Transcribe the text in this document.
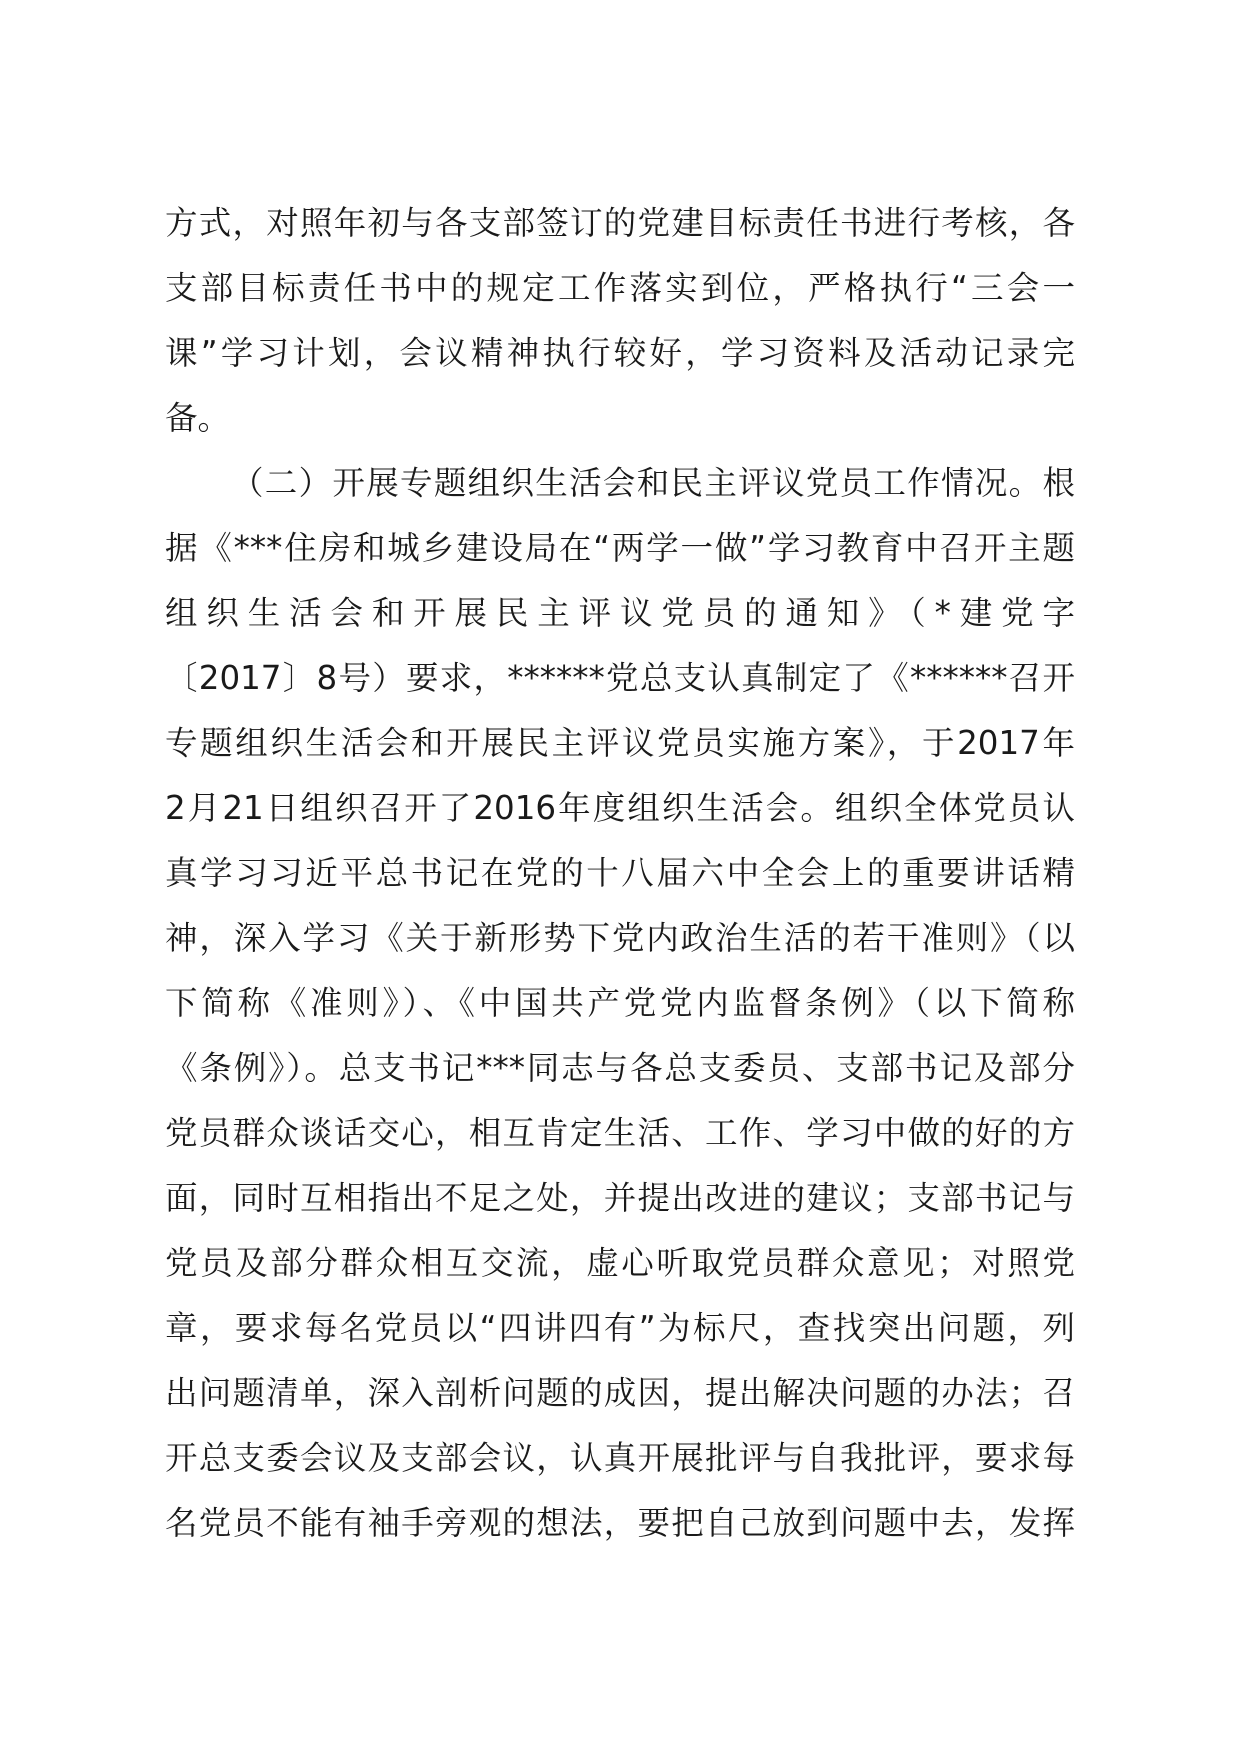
方式，对照年初与各支部签订的党建目标责任书进行考核，各
支部目标责任书中的规定工作落实到位，严格执行“三会一
课”学习计划，会议精神执行较好，学习资料及活动记录完
备。
（二）开展专题组织生活会和民主评议党员工作情况。根
据《***住房和城乡建设局在“两学一做”学习教育中召开主题
组织生活会和开展民主评议党员的通知》（*建党字
〔2017〕8号）要求，******党总支认真制定了《******召开
专题组织生活会和开展民主评议党员实施方案》，于2017年
2月21日组织召开了2016年度组织生活会。组织全体党员认
真学习习近平总书记在党的十八届六中全会上的重要讲话精
神，深入学习《关于新形势下党内政治生活的若干准则》（以
下简称《准则》）、《中国共产党党内监督条例》（以下简称
《条例》）。总支书记***同志与各总支委员、支部书记及部分
党员群众谈话交心，相互肯定生活、工作、学习中做的好的方
面，同时互相指出不足之处，并提出改进的建议；支部书记与
党员及部分群众相互交流，虚心听取党员群众意见；对照党
章，要求每名党员以“四讲四有”为标尺，查找突出问题，列
出问题清单，深入剖析问题的成因，提出解决问题的办法；召
开总支委会议及支部会议，认真开展批评与自我批评，要求每
名党员不能有袖手旁观的想法，要把自己放到问题中去，发挥
